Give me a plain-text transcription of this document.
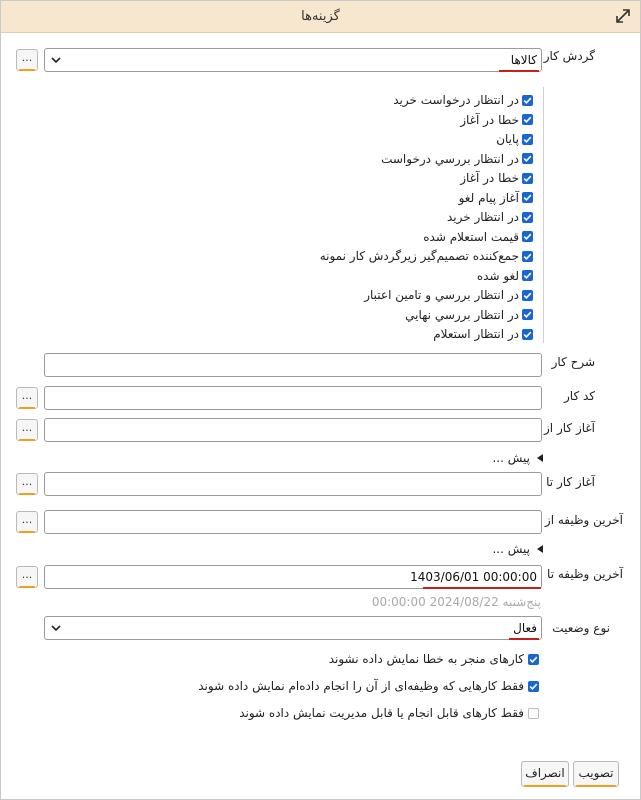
گزینه‌ها
گردش کار
کالاها
...
در انتظار درخواست خرید
خطا در آغاز
پایان
در انتظار بررسي درخواست
خطا در آغاز
آغاز پیام لغو
در انتظار خرید
قیمت استعلام شده
جمع‌کننده تصمیم‌گیر زیرگردش کار نمونه
لغو شده
در انتظار بررسي و تامین اعتبار
در انتظار بررسي نهایي
در انتظار استعلام
شرح کار
کد کار
...
آغاز کار از
...
... پیش
آغاز کار تا
...
آخرین وظیفه از
...
... پیش
آخرین وظیفه تا
1403/06/01 00:00:00
...
پنج‌شنبه 2024/08/22 00:00:00
نوع وضعیت
فعال
کارهای منجر به خطا نمایش داده نشوند
فقط کارهایی که وظیفه‌ای از آن را انجام داده‌ام نمایش داده شوند
فقط کارهای قابل انجام یا قابل مدیریت نمایش داده شوند
تصویب
انصراف
